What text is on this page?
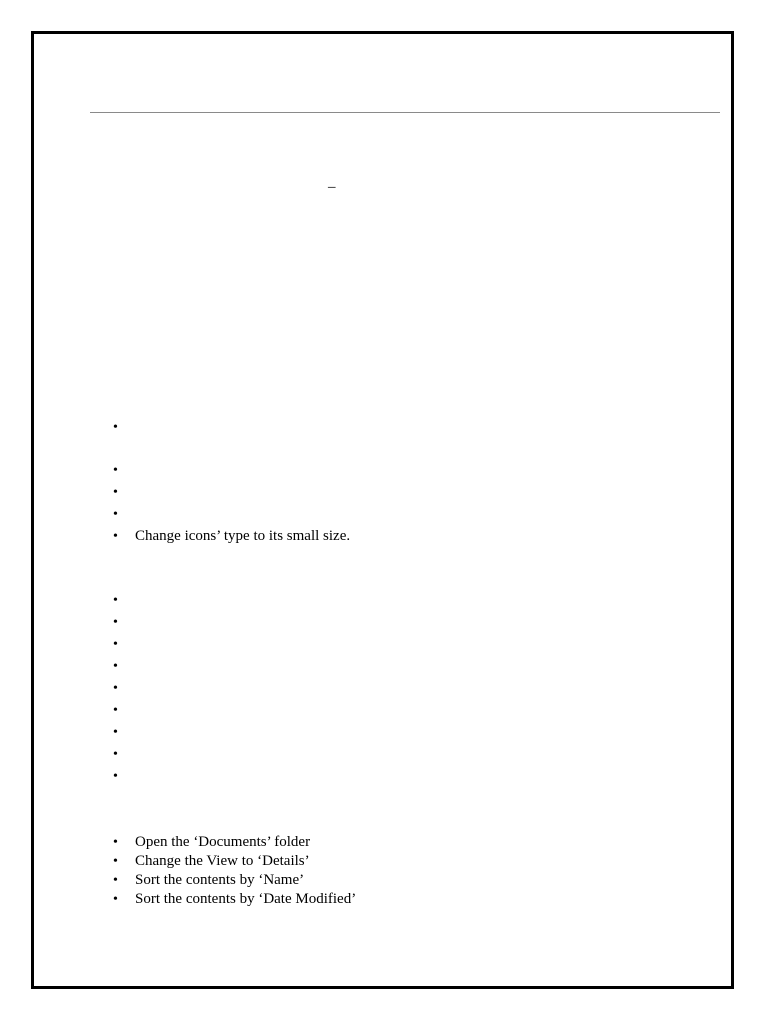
–
•
•
•
•
• Change icons’ type to its small size.
•
•
•
•
•
•
•
•
•
• Open the ‘Documents’ folder
• Change the View to ‘Details’
• Sort the contents by ‘Name’
• Sort the contents by ‘Date Modified’
